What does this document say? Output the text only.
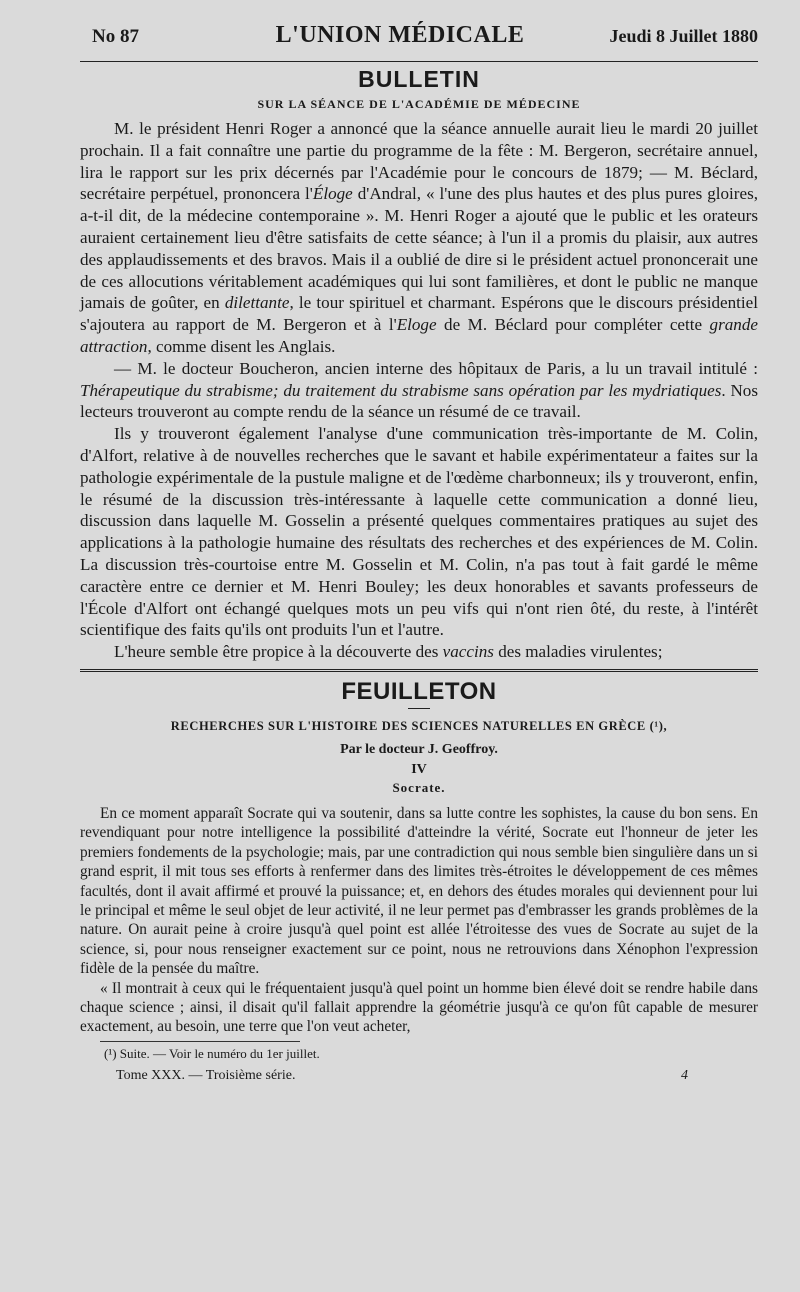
No 87	L'UNION MÉDICALE	Jeudi 8 Juillet 1880
BULLETIN
SUR LA SÉANCE DE L'ACADÉMIE DE MÉDECINE

M. le président Henri Roger a annoncé que la séance annuelle aurait lieu le mardi 20 juillet prochain. Il a fait connaître une partie du programme de la fête : M. Bergeron, secrétaire annuel, lira le rapport sur les prix décernés par l'Académie pour le concours de 1879; — M. Béclard, secrétaire perpétuel, prononcera l'Éloge d'Andral, « l'une des plus hautes et des plus pures gloires, a-t-il dit, de la médecine contemporaine ». M. Henri Roger a ajouté que le public et les orateurs auraient certainement lieu d'être satisfaits de cette séance; à l'un il a promis du plaisir, aux autres des applaudissements et des bravos. Mais il a oublié de dire si le président actuel prononcerait une de ces allocutions véritablement académiques qui lui sont familières, et dont le public ne manque jamais de goûter, en dilettante, le tour spirituel et charmant. Espérons que le discours présidentiel s'ajoutera au rapport de M. Bergeron et à l'Eloge de M. Béclard pour compléter cette grande attraction, comme disent les Anglais.

— M. le docteur Boucheron, ancien interne des hôpitaux de Paris, a lu un travail intitulé : Thérapeutique du strabisme; du traitement du strabisme sans opération par les mydriatiques. Nos lecteurs trouveront au compte rendu de la séance un résumé de ce travail.

Ils y trouveront également l'analyse d'une communication très-importante de M. Colin, d'Alfort, relative à de nouvelles recherches que le savant et habile expérimentateur a faites sur la pathologie expérimentale de la pustule maligne et de l'œdème charbonneux; ils y trouveront, enfin, le résumé de la discussion très-intéressante à laquelle cette communication a donné lieu, discussion dans laquelle M. Gosselin a présenté quelques commentaires pratiques au sujet des applications à la pathologie humaine des résultats des recherches et des expériences de M. Colin. La discussion très-courtoise entre M. Gosselin et M. Colin, n'a pas tout à fait gardé le même caractère entre ce dernier et M. Henri Bouley; les deux honorables et savants professeurs de l'École d'Alfort ont échangé quelques mots un peu vifs qui n'ont rien ôté, du reste, à l'intérêt scientifique des faits qu'ils ont produits l'un et l'autre.

L'heure semble être propice à la découverte des vaccins des maladies virulentes;

FEUILLETON
RECHERCHES SUR L'HISTOIRE DES SCIENCES NATURELLES EN GRÈCE (¹),
Par le docteur J. Geoffroy.
IV
Socrate.

En ce moment apparaît Socrate qui va soutenir, dans sa lutte contre les sophistes, la cause du bon sens. En revendiquant pour notre intelligence la possibilité d'atteindre la vérité, Socrate eut l'honneur de jeter les premiers fondements de la psychologie; mais, par une contradiction qui nous semble bien singulière dans un si grand esprit, il mit tous ses efforts à renfermer dans des limites très-étroites le développement de ces mêmes facultés, dont il avait affirmé et prouvé la puissance; et, en dehors des études morales qui deviennent pour lui le principal et même le seul objet de leur activité, il ne leur permet pas d'embrasser les grands problèmes de la nature. On aurait peine à croire jusqu'à quel point est allée l'étroitesse des vues de Socrate au sujet de la science, si, pour nous renseigner exactement sur ce point, nous ne retrouvions dans Xénophon l'expression fidèle de la pensée du maître.

« Il montrait à ceux qui le fréquentaient jusqu'à quel point un homme bien élevé doit se rendre habile dans chaque science ; ainsi, il disait qu'il fallait apprendre la géométrie jusqu'à ce qu'on fût capable de mesurer exactement, au besoin, une terre que l'on veut acheter,

(¹) Suite. — Voir le numéro du 1er juillet.
Tome XXX. — Troisième série.	4
